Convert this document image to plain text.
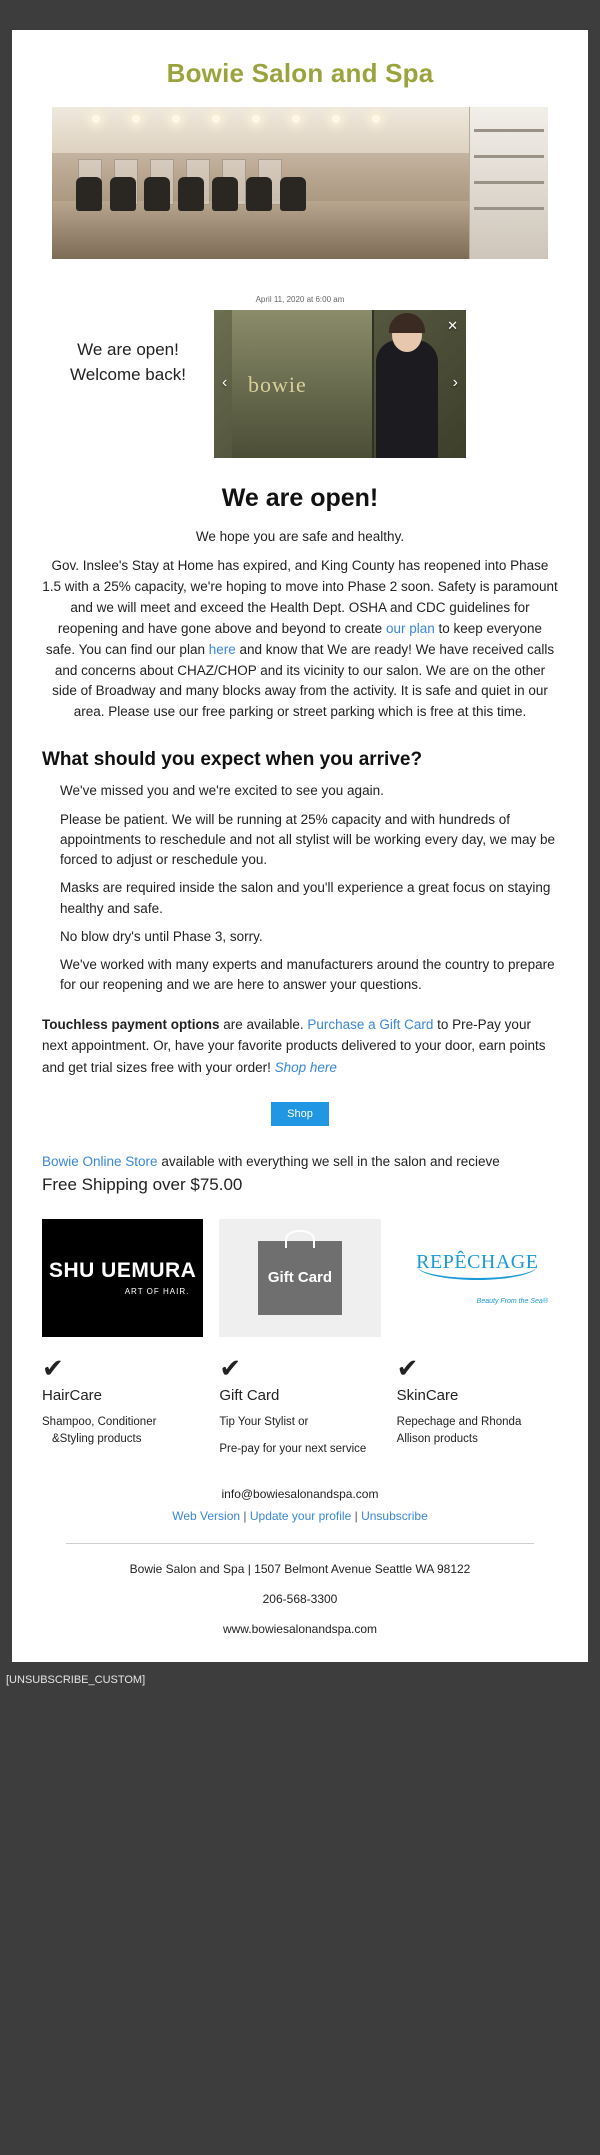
Bowie Salon and Spa
April 11, 2020 at 6:00 am
We are open!
Welcome back!	bowie
‹	›
✕
We are open!

We hope you are safe and healthy.

Gov. Inslee's Stay at Home has expired, and King County has reopened into Phase 1.5 with a 25% capacity, we're hoping to move into Phase 2 soon. Safety is paramount and we will meet and exceed the Health Dept. OSHA and CDC guidelines for reopening and have gone above and beyond to create our plan to keep everyone safe. You can find our plan here and know that We are ready! We have received calls and concerns about CHAZ/CHOP and its vicinity to our salon. We are on the other side of Broadway and many blocks away from the activity. It is safe and quiet in our area. Please use our free parking or street parking which is free at this time.

What should you expect when you arrive?
We've missed you and we're excited to see you again.
Please be patient. We will be running at 25% capacity and with hundreds of appointments to reschedule and not all stylist will be working every day, we may be forced to adjust or reschedule you.
Masks are required inside the salon and you'll experience a great focus on staying healthy and safe.
No blow dry's until Phase 3, sorry.
We've worked with many experts and manufacturers around the country to prepare for our reopening and we are here to answer your questions.

Touchless payment options are available. Purchase a Gift Card to Pre-Pay your next appointment. Or, have your favorite products delivered to your door, earn points and get trial sizes free with your order! Shop here

Shop

Bowie Online Store available with everything we sell in the salon and recieve

Free Shipping over $75.00

SHU UEMURA
ART OF HAIR.
✔
HairCare
Shampoo, Conditioner
&Styling products
Gift Card
✔
Gift Card
Tip Your Stylist or
Pre-pay for your next service
REPÊCHAGE
Beauty From the Sea®
✔
SkinCare
Repechage and Rhonda
Allison products
info@bowiesalonandspa.com
Web Version | Update your profile | Unsubscribe
Bowie Salon and Spa | 1507 Belmont Avenue Seattle WA 98122
206-568-3300
www.bowiesalonandspa.com
[UNSUBSCRIBE_CUSTOM]
